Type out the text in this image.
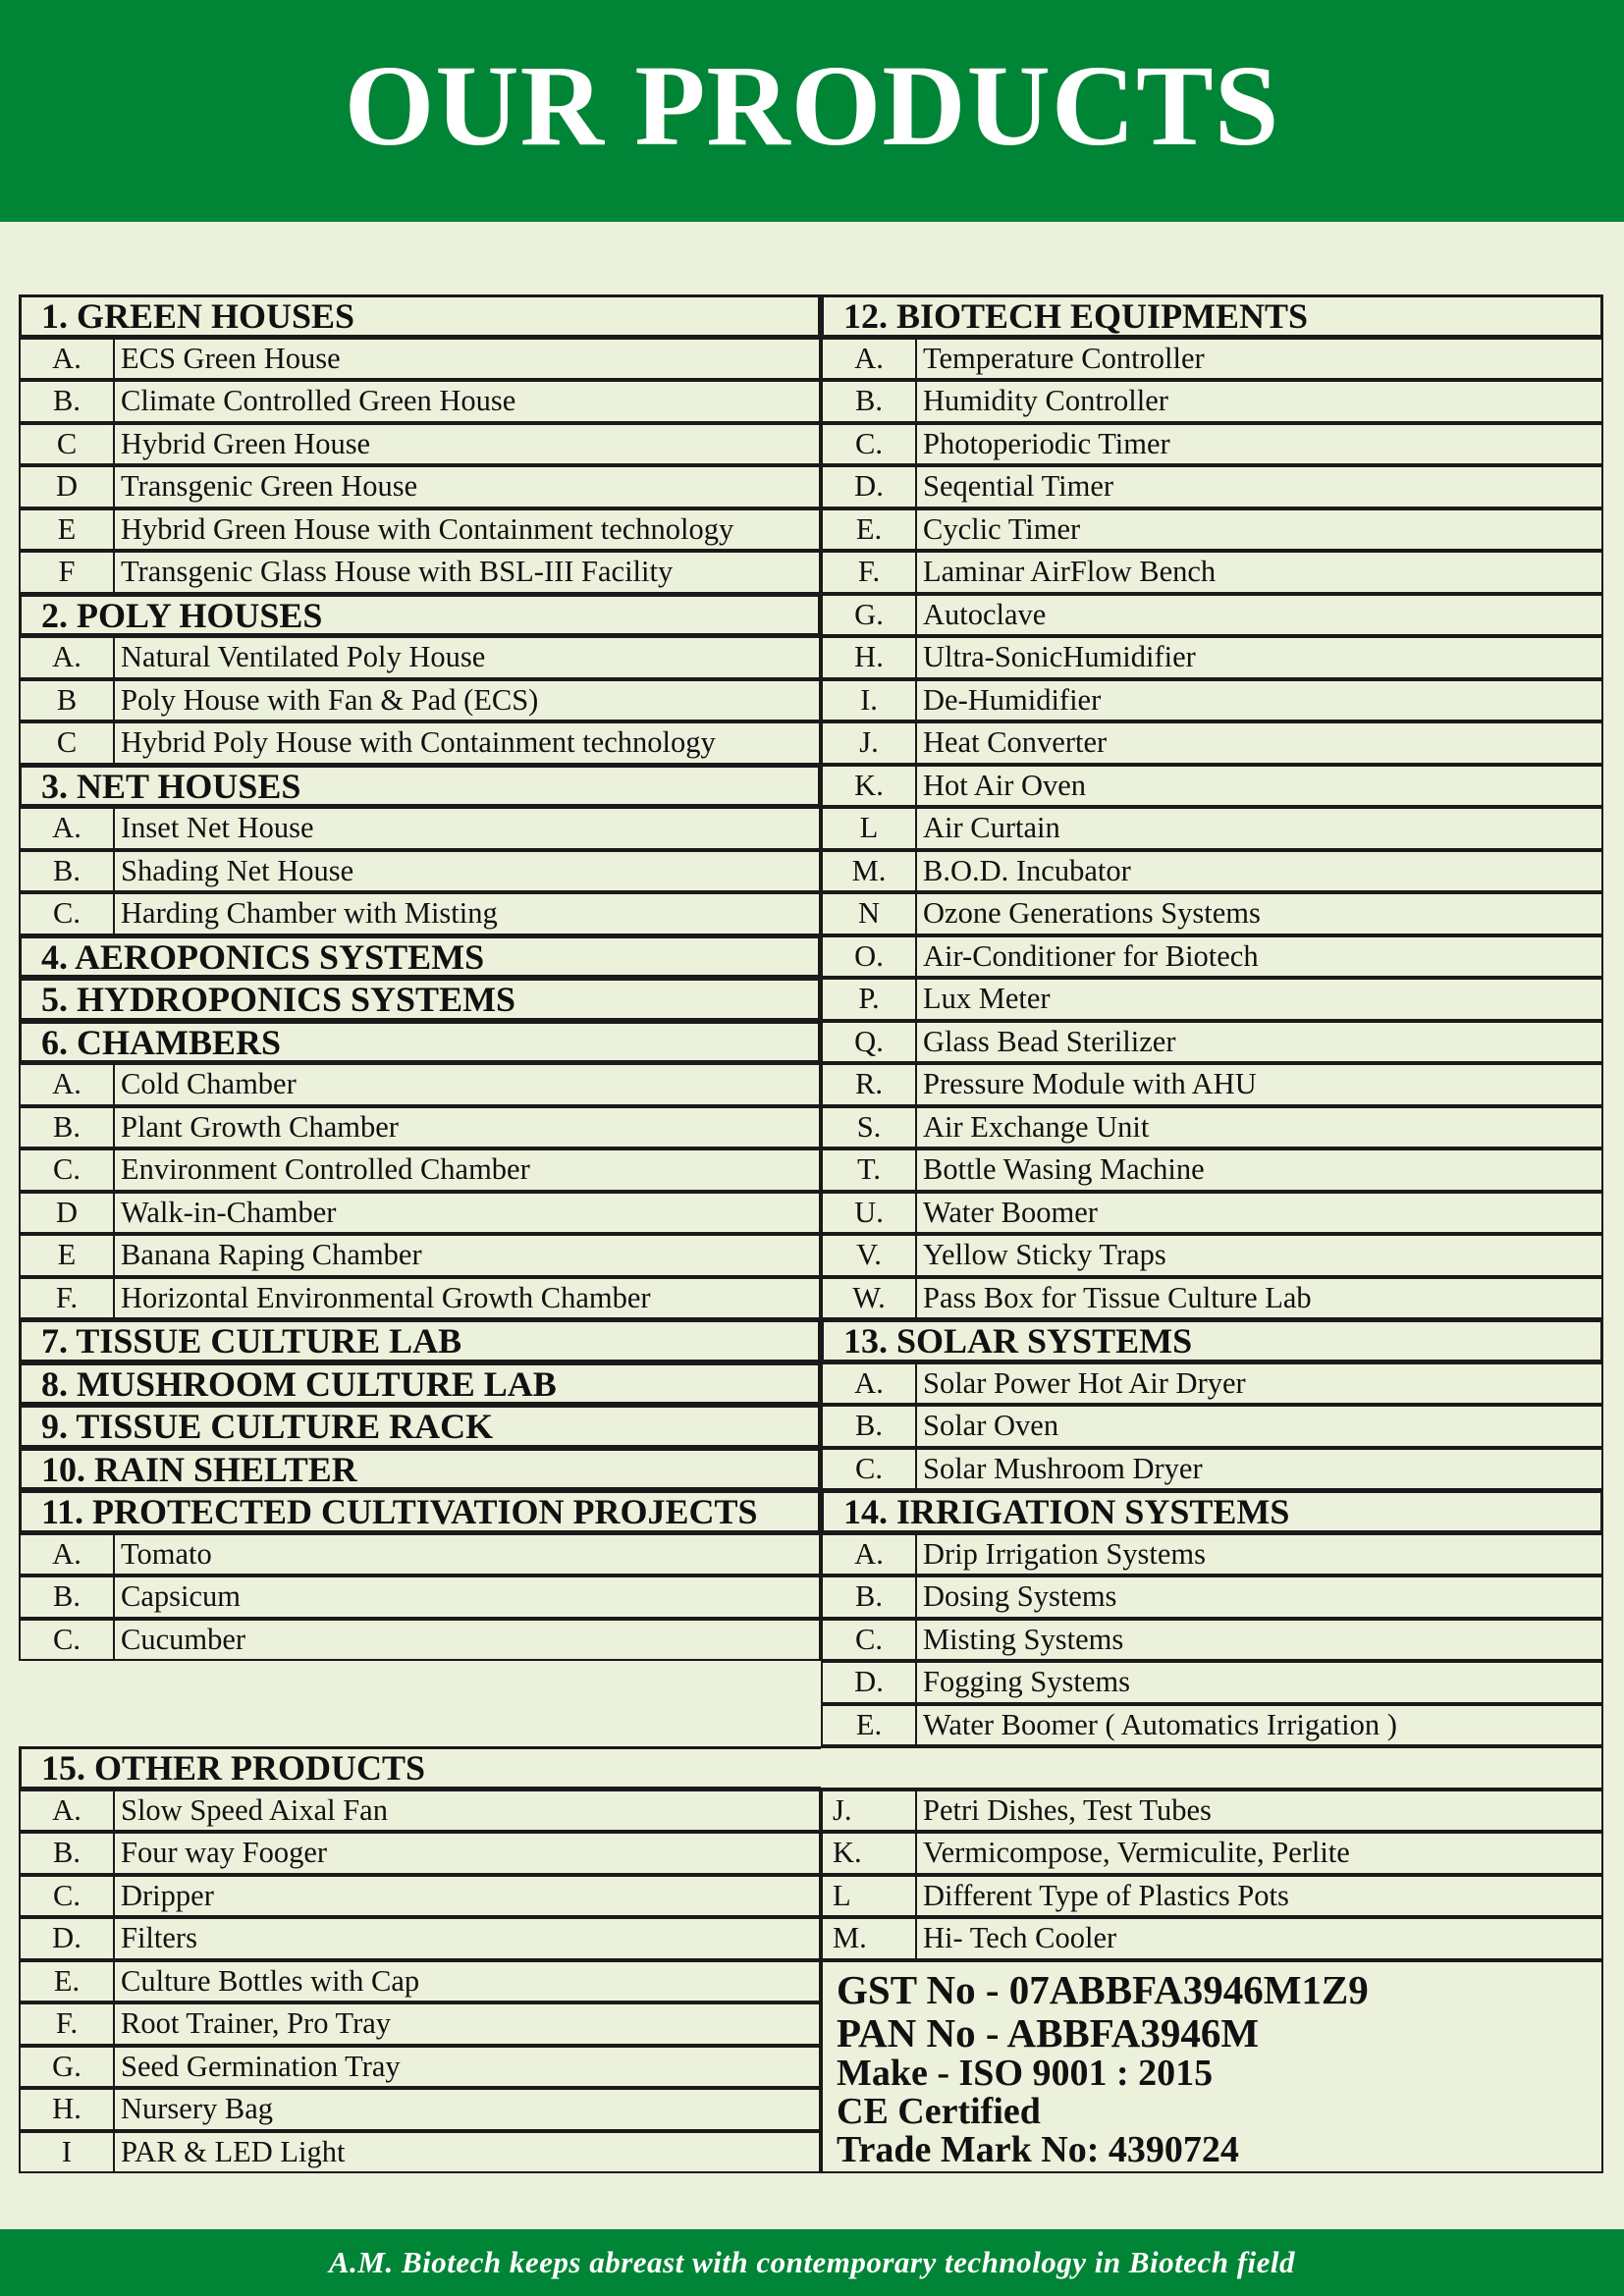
OUR PRODUCTS
1. GREEN HOUSES
A.	ECS Green House
B.	Climate Controlled Green House
C	Hybrid Green House
D	Transgenic Green House
E	Hybrid Green House with Containment technology
F	Transgenic Glass House with BSL-III Facility
2. POLY HOUSES
A.	Natural Ventilated Poly House
B	Poly House with Fan & Pad (ECS)
C	Hybrid Poly House with Containment technology
3. NET HOUSES
A.	Inset Net House
B.	Shading Net House
C.	Harding Chamber with Misting
4. AEROPONICS SYSTEMS
5. HYDROPONICS SYSTEMS
6. CHAMBERS
A.	Cold Chamber
B.	Plant Growth Chamber
C.	Environment Controlled Chamber
D	Walk-in-Chamber
E	Banana Raping Chamber
F.	Horizontal Environmental Growth Chamber
7. TISSUE CULTURE LAB
8. MUSHROOM CULTURE LAB
9. TISSUE CULTURE RACK
10. RAIN SHELTER
11. PROTECTED CULTIVATION PROJECTS
A.	Tomato
B.	Capsicum
C.	Cucumber
12. BIOTECH EQUIPMENTS
A.	Temperature Controller
B.	Humidity Controller
C.	Photoperiodic Timer
D.	Seqential Timer
E.	Cyclic Timer
F.	Laminar AirFlow Bench
G.	Autoclave
H.	Ultra-SonicHumidifier
I.	De-Humidifier
J.	Heat Converter
K.	Hot Air Oven
L	Air Curtain
M.	B.O.D. Incubator
N	Ozone Generations Systems
O.	Air-Conditioner for Biotech
P.	Lux Meter
Q.	Glass Bead Sterilizer
R.	Pressure Module with AHU
S.	Air Exchange Unit
T.	Bottle Wasing Machine
U.	Water Boomer
V.	Yellow Sticky Traps
W.	Pass Box for Tissue Culture Lab
13. SOLAR SYSTEMS
A.	Solar Power Hot Air Dryer
B.	Solar Oven
C.	Solar Mushroom Dryer
14. IRRIGATION SYSTEMS
A.	Drip Irrigation Systems
B.	Dosing Systems
C.	Misting Systems
D.	Fogging Systems
E.	Water Boomer ( Automatics Irrigation )
15. OTHER PRODUCTS
A.	Slow Speed Aixal Fan
B.	Four way Fooger
C.	Dripper
D.	Filters
E.	Culture Bottles with Cap
F.	Root Trainer, Pro Tray
G.	Seed Germination Tray
H.	Nursery Bag
I	PAR & LED Light
J.	Petri Dishes, Test Tubes
K.	Vermicompose, Vermiculite, Perlite
L	Different Type of Plastics Pots
M.	Hi- Tech Cooler
GST No - 07ABBFA3946M1Z9
PAN No - ABBFA3946M
Make - ISO 9001 : 2015
CE Certified
Trade Mark No: 4390724
A.M. Biotech keeps abreast with contemporary technology in Biotech field
